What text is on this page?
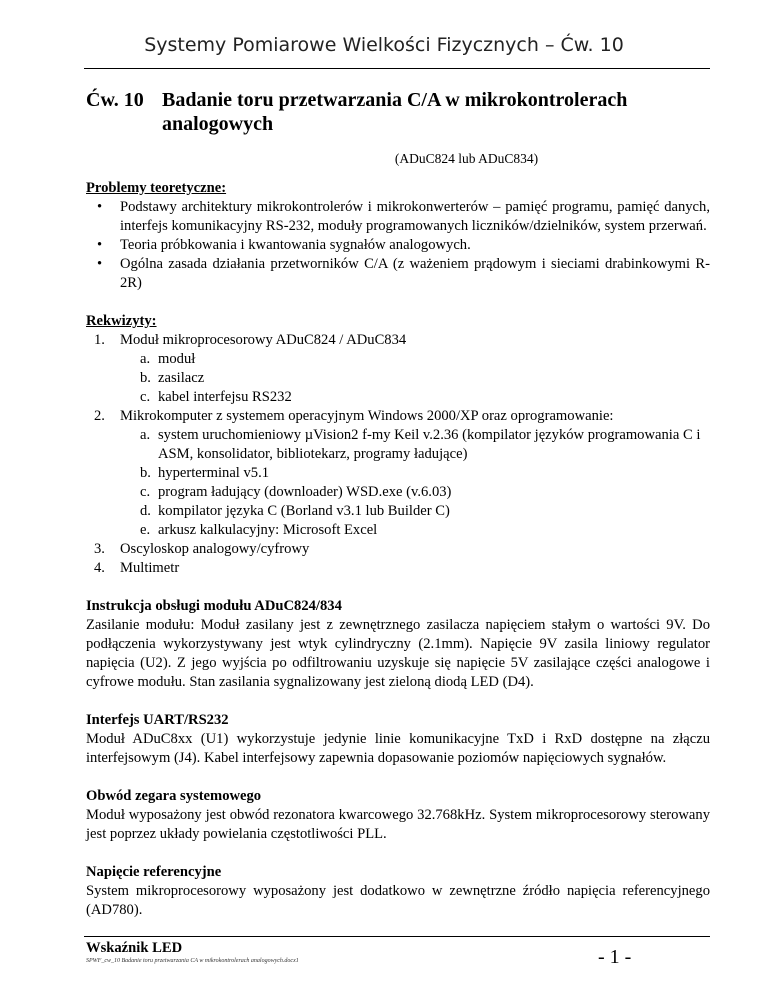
Systemy Pomiarowe Wielkości Fizycznych – Ćw. 10
Ćw. 10 Badanie toru przetwarzania C/A w mikrokontrolerach
analogowych
(ADuC824 lub ADuC834)
Problemy teoretyczne:
• Podstawy architektury mikrokontrolerów i mikrokonwerterów – pamięć programu, pamięć danych, interfejs komunikacyjny RS-232, moduły programowanych liczników/dzielników, system przerwań.
• Teoria próbkowania i kwantowania sygnałów analogowych.
• Ogólna zasada działania przetworników C/A (z ważeniem prądowym i sieciami drabinkowymi R-2R)
Rekwizyty:
1. Moduł mikroprocesorowy ADuC824 / ADuC834
a. moduł
b. zasilacz
c. kabel interfejsu RS232
2. Mikrokomputer z systemem operacyjnym Windows 2000/XP oraz oprogramowanie:
a. system uruchomieniowy µVision2 f-my Keil v.2.36 (kompilator języków programowania C i ASM, konsolidator, bibliotekarz, programy ładujące)
b. hyperterminal v5.1
c. program ładujący (downloader) WSD.exe (v.6.03)
d. kompilator języka C (Borland v3.1 lub Builder C)
e. arkusz kalkulacyjny: Microsoft Excel
3. Oscyloskop analogowy/cyfrowy
4. Multimetr
Instrukcja obsługi modułu ADuC824/834
Zasilanie modułu: Moduł zasilany jest z zewnętrznego zasilacza napięciem stałym o wartości 9V. Do podłączenia wykorzystywany jest wtyk cylindryczny (2.1mm). Napięcie 9V zasila liniowy regulator napięcia (U2). Z jego wyjścia po odfiltrowaniu uzyskuje się napięcie 5V zasilające części analogowe i cyfrowe modułu. Stan zasilania sygnalizowany jest zieloną diodą LED (D4).
Interfejs UART/RS232
Moduł ADuC8xx (U1) wykorzystuje jedynie linie komunikacyjne TxD i RxD dostępne na złączu interfejsowym (J4). Kabel interfejsowy zapewnia dopasowanie poziomów napięciowych sygnałów.
Obwód zegara systemowego
Moduł wyposażony jest obwód rezonatora kwarcowego 32.768kHz. System mikroprocesorowy sterowany jest poprzez układy powielania częstotliwości PLL.
Napięcie referencyjne
System mikroprocesorowy wyposażony jest dodatkowo w zewnętrzne źródło napięcia referencyjnego (AD780).
Wskaźnik LED
SPWF_cw_10 Badanie toru przetwarzania CA w mikrokontrolerach analogowych.docx1	- 1 -
